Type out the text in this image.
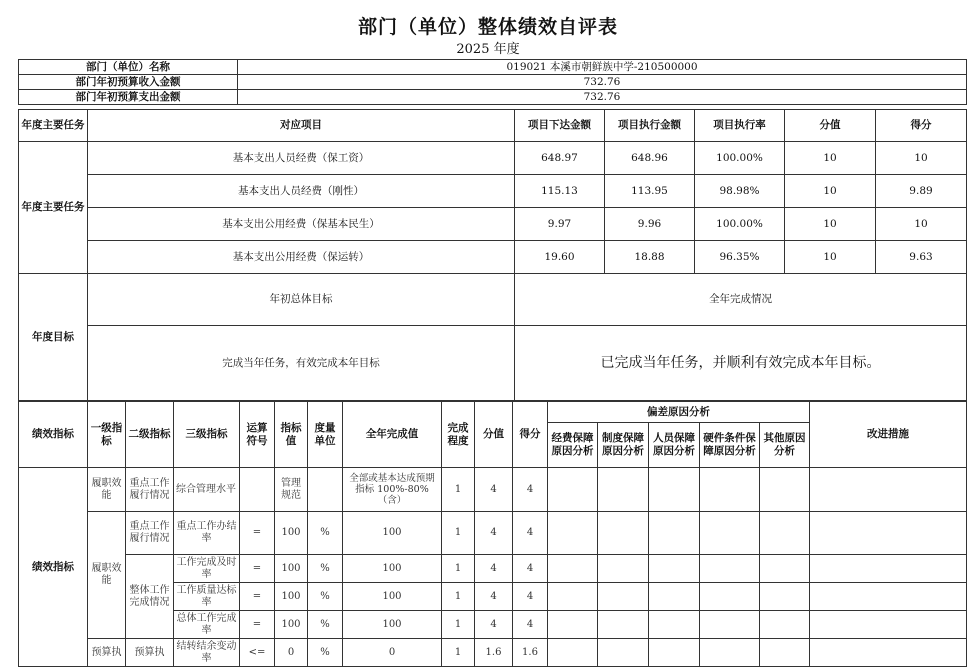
部门（单位）整体绩效自评表
2025 年度
部门（单位）名称	019021 本溪市朝鲜族中学-210500000
部门年初预算收入金额	732.76
部门年初预算支出金额	732.76
年度主要任务	对应项目	项目下达金额	项目执行金额	项目执行率	分值	得分
年度主要任务	基本支出人员经费（保工资）	648.97	648.96	100.00%	10	10
	基本支出人员经费（刚性）	115.13	113.95	98.98%	10	9.89
	基本支出公用经费（保基本民生）	9.97	9.96	100.00%	10	10
	基本支出公用经费（保运转）	19.60	18.88	96.35%	10	9.63
年度目标	年初总体目标	全年完成情况				
	完成当年任务，有效完成本年目标	已完成当年任务，并顺利有效完成本年目标。				
绩效指标	一级指标	二级指标	三级指标	运算符号	指标值	度量单位	全年完成值	完成程度	分值	得分	偏差原因分析					改进措施
											经费保障原因分析	制度保障原因分析	人员保障原因分析	硬件条件保障原因分析	其他原因分析	
绩效指标	履职效能	重点工作履行情况	综合管理水平		管理规范		全部或基本达成预期指标 100%-80%（含）	1	4	4						
	履职效能	重点工作履行情况	重点工作办结率	=	100	%	100	1	4	4						
		整体工作完成情况	工作完成及时率	=	100	%	100	1	4	4						
			工作质量达标率	=	100	%	100	1	4	4						
			总体工作完成率	=	100	%	100	1	4	4						
	预算执	预算执	结转结余变动率	<=	0	%	0	1	1.6	1.6						
